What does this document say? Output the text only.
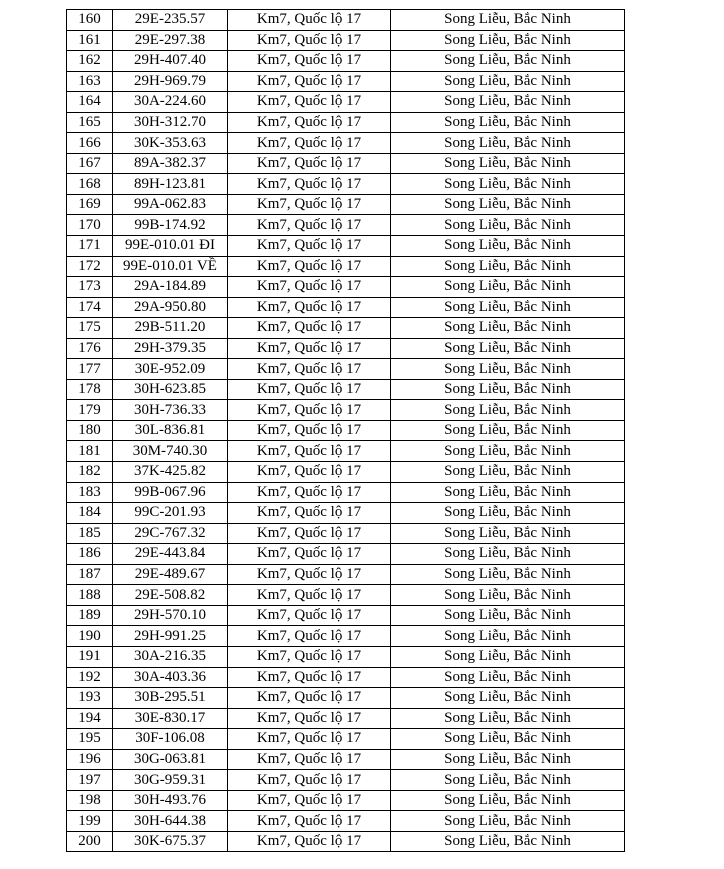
160	29E-235.57	Km7, Quốc lộ 17	Song Liễu, Bắc Ninh
161	29E-297.38	Km7, Quốc lộ 17	Song Liễu, Bắc Ninh
162	29H-407.40	Km7, Quốc lộ 17	Song Liễu, Bắc Ninh
163	29H-969.79	Km7, Quốc lộ 17	Song Liễu, Bắc Ninh
164	30A-224.60	Km7, Quốc lộ 17	Song Liễu, Bắc Ninh
165	30H-312.70	Km7, Quốc lộ 17	Song Liễu, Bắc Ninh
166	30K-353.63	Km7, Quốc lộ 17	Song Liễu, Bắc Ninh
167	89A-382.37	Km7, Quốc lộ 17	Song Liễu, Bắc Ninh
168	89H-123.81	Km7, Quốc lộ 17	Song Liễu, Bắc Ninh
169	99A-062.83	Km7, Quốc lộ 17	Song Liễu, Bắc Ninh
170	99B-174.92	Km7, Quốc lộ 17	Song Liễu, Bắc Ninh
171	99E-010.01 ĐI	Km7, Quốc lộ 17	Song Liễu, Bắc Ninh
172	99E-010.01 VỀ	Km7, Quốc lộ 17	Song Liễu, Bắc Ninh
173	29A-184.89	Km7, Quốc lộ 17	Song Liễu, Bắc Ninh
174	29A-950.80	Km7, Quốc lộ 17	Song Liễu, Bắc Ninh
175	29B-511.20	Km7, Quốc lộ 17	Song Liễu, Bắc Ninh
176	29H-379.35	Km7, Quốc lộ 17	Song Liễu, Bắc Ninh
177	30E-952.09	Km7, Quốc lộ 17	Song Liễu, Bắc Ninh
178	30H-623.85	Km7, Quốc lộ 17	Song Liễu, Bắc Ninh
179	30H-736.33	Km7, Quốc lộ 17	Song Liễu, Bắc Ninh
180	30L-836.81	Km7, Quốc lộ 17	Song Liễu, Bắc Ninh
181	30M-740.30	Km7, Quốc lộ 17	Song Liễu, Bắc Ninh
182	37K-425.82	Km7, Quốc lộ 17	Song Liễu, Bắc Ninh
183	99B-067.96	Km7, Quốc lộ 17	Song Liễu, Bắc Ninh
184	99C-201.93	Km7, Quốc lộ 17	Song Liễu, Bắc Ninh
185	29C-767.32	Km7, Quốc lộ 17	Song Liễu, Bắc Ninh
186	29E-443.84	Km7, Quốc lộ 17	Song Liễu, Bắc Ninh
187	29E-489.67	Km7, Quốc lộ 17	Song Liễu, Bắc Ninh
188	29E-508.82	Km7, Quốc lộ 17	Song Liễu, Bắc Ninh
189	29H-570.10	Km7, Quốc lộ 17	Song Liễu, Bắc Ninh
190	29H-991.25	Km7, Quốc lộ 17	Song Liễu, Bắc Ninh
191	30A-216.35	Km7, Quốc lộ 17	Song Liễu, Bắc Ninh
192	30A-403.36	Km7, Quốc lộ 17	Song Liễu, Bắc Ninh
193	30B-295.51	Km7, Quốc lộ 17	Song Liễu, Bắc Ninh
194	30E-830.17	Km7, Quốc lộ 17	Song Liễu, Bắc Ninh
195	30F-106.08	Km7, Quốc lộ 17	Song Liễu, Bắc Ninh
196	30G-063.81	Km7, Quốc lộ 17	Song Liễu, Bắc Ninh
197	30G-959.31	Km7, Quốc lộ 17	Song Liễu, Bắc Ninh
198	30H-493.76	Km7, Quốc lộ 17	Song Liễu, Bắc Ninh
199	30H-644.38	Km7, Quốc lộ 17	Song Liễu, Bắc Ninh
200	30K-675.37	Km7, Quốc lộ 17	Song Liễu, Bắc Ninh
